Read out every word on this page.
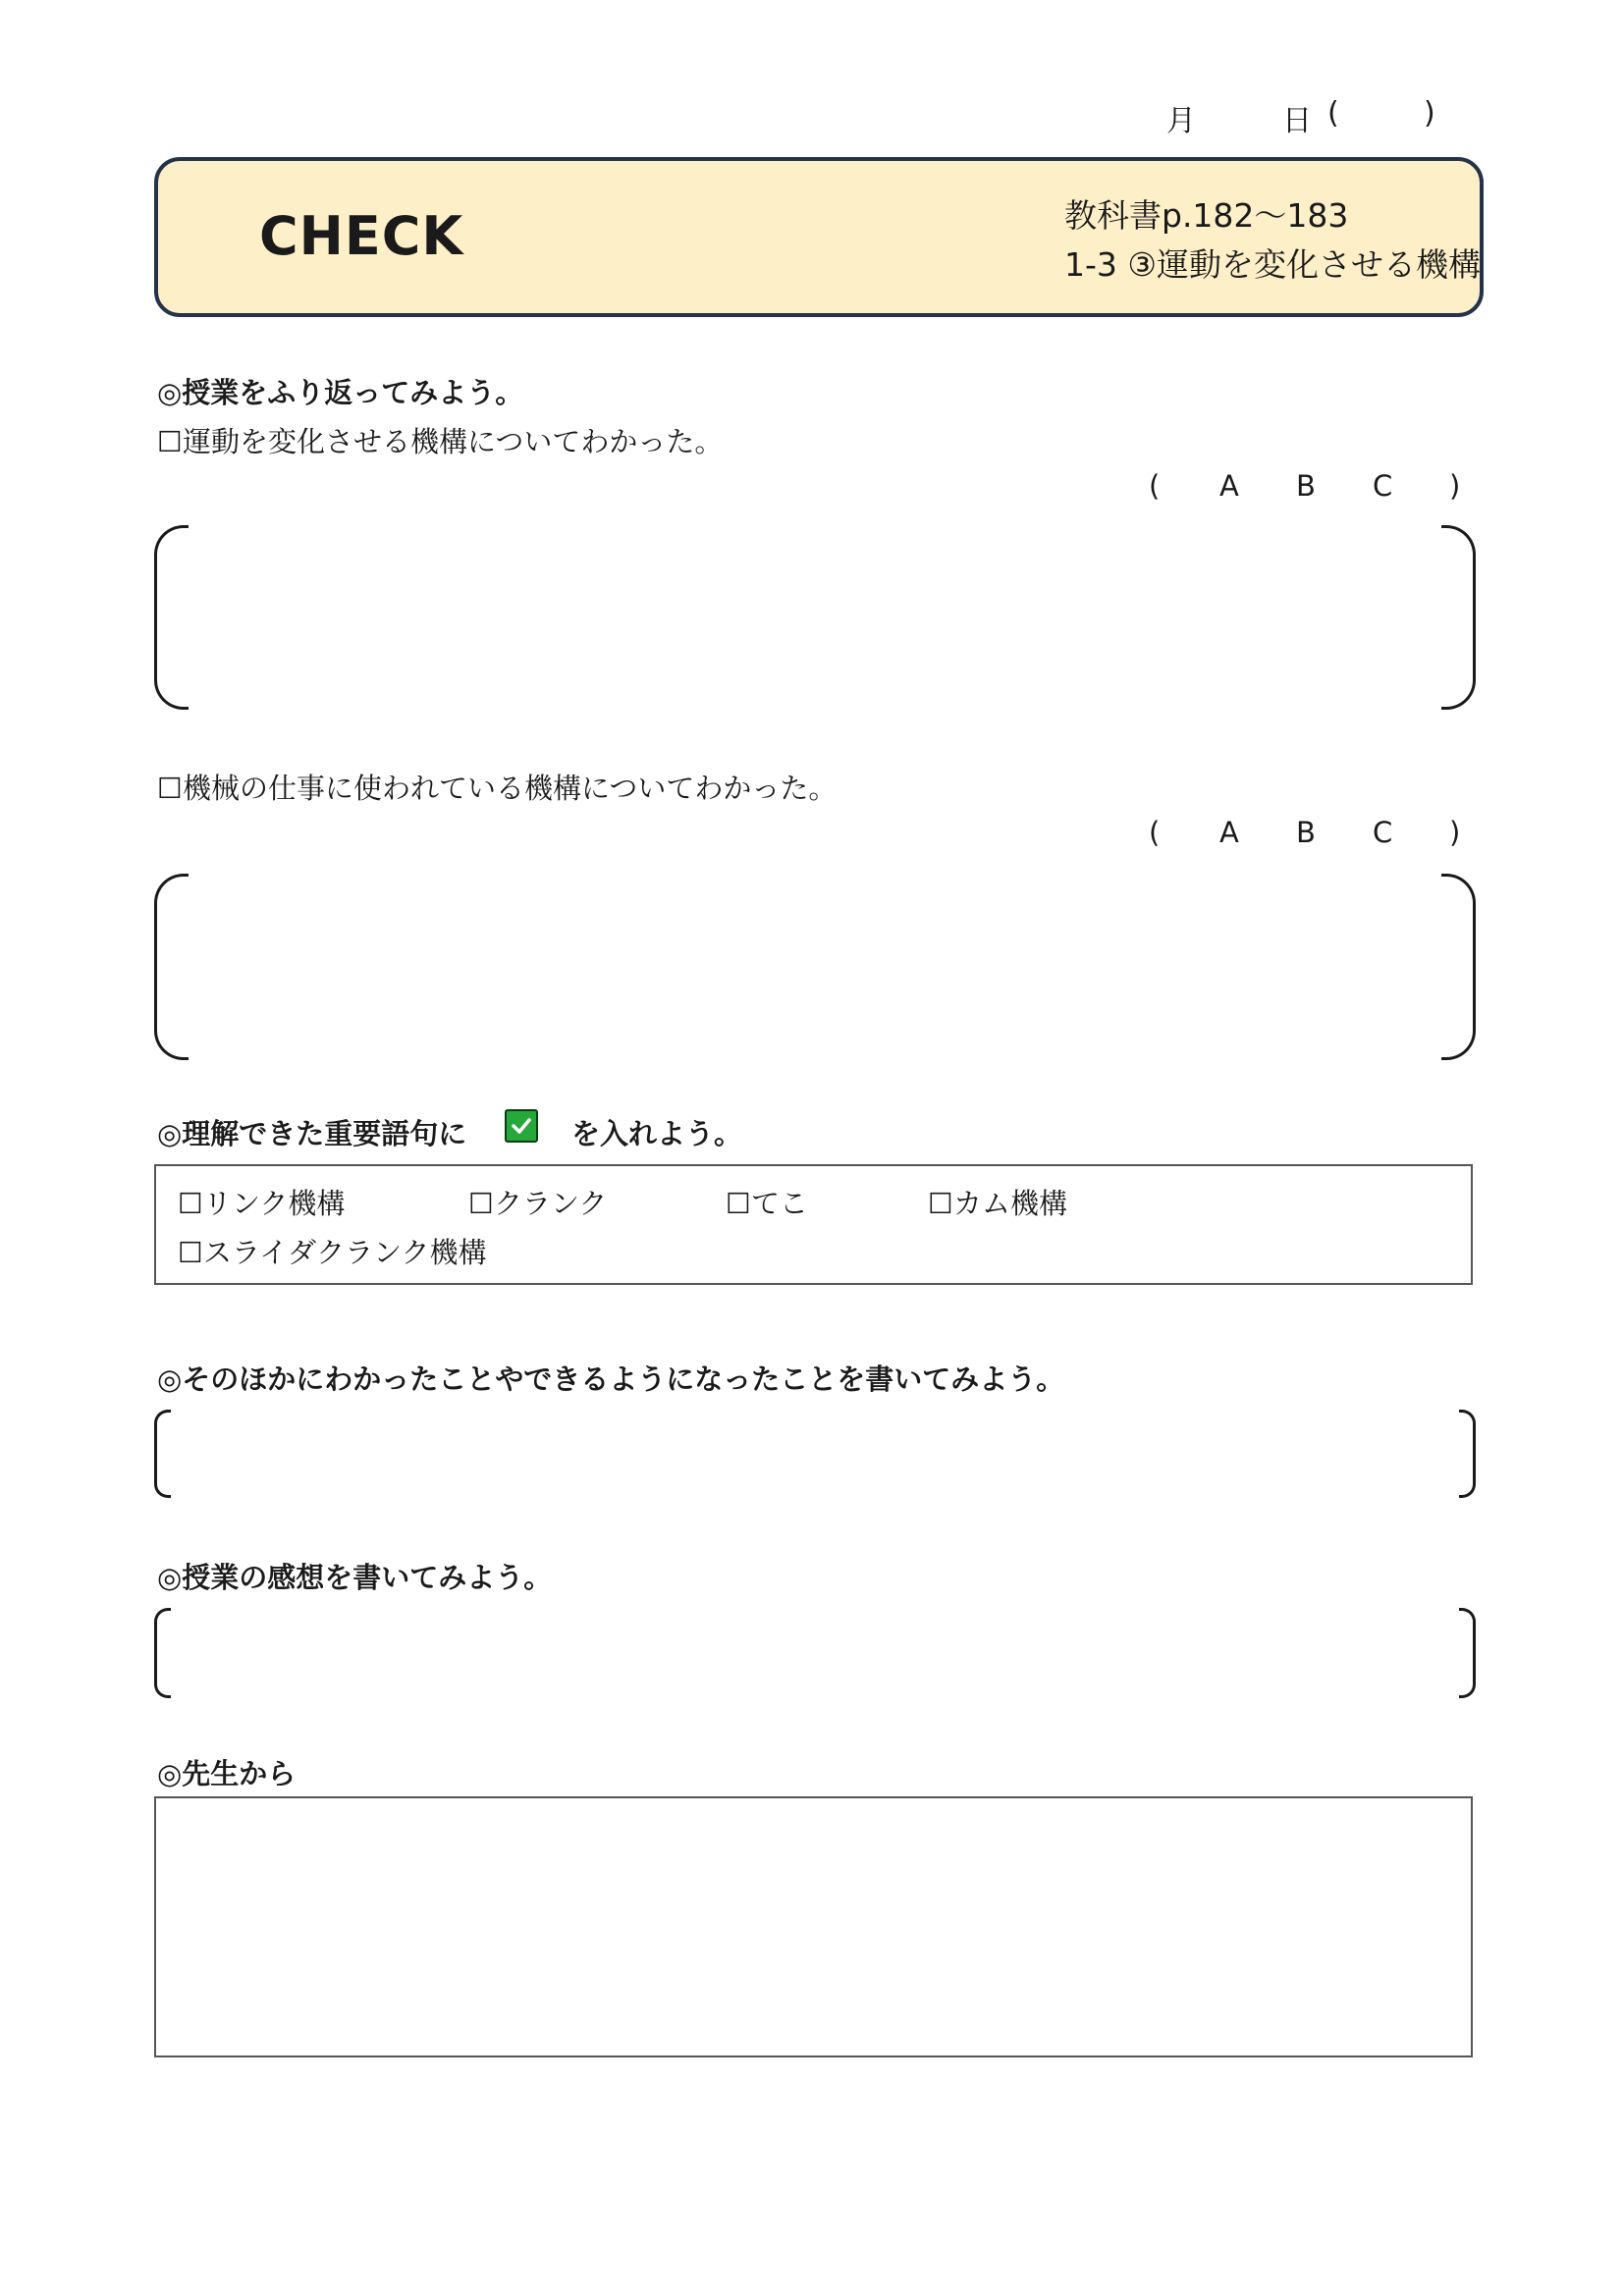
月	日 (	)
CHECK	教科書p.182～183
1-3 ③運動を変化させる機構
◎授業をふり返ってみよう。
☐運動を変化させる機構についてわかった。
( A B C )
☐機械の仕事に使われている機構についてわかった。
( A B C )
◎理解できた重要語句に	を入れよう。
☐リンク機構	☐クランク	☐てこ	☐カム機構
☐スライダクランク機構
◎そのほかにわかったことやできるようになったことを書いてみよう。
◎授業の感想を書いてみよう。
◎先生から
